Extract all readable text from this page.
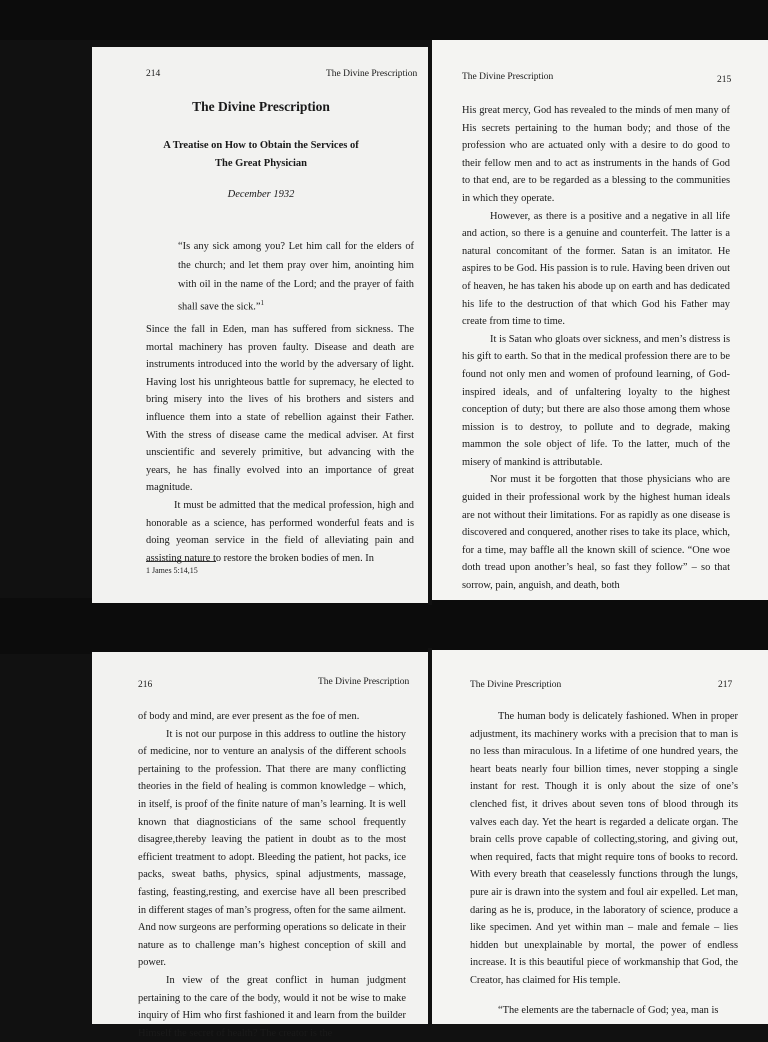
214	The Divine Prescription
The Divine Prescription
A Treatise on How to Obtain the Services of
The Great Physician
December 1932
“Is any sick among you? Let him call for the elders of the church; and let them pray over him, anointing him with oil in the name of the Lord; and the prayer of faith shall save the sick.”$^1$

Since the fall in Eden, man has suffered from sickness. The mortal machinery has proven faulty. Disease and death are instruments introduced into the world by the adversary of light. Having lost his unrighteous battle for supremacy, he elected to bring misery into the lives of his brothers and sisters and influence them into a state of rebellion against their Father. With the stress of disease came the medical adviser. At first unscientific and severely primitive, but advancing with the years, he has finally evolved into an importance of great magnitude.

It must be admitted that the medical profession, high and honorable as a science, has performed wonderful feats and is doing yeoman service in the field of alleviating pain and assisting nature to restore the broken bodies of men. In

1 James 5:14,15
The Divine Prescription	215

His great mercy, God has revealed to the minds of men many of His secrets pertaining to the human body; and those of the profession who are actuated only with a desire to do good to their fellow men and to act as instruments in the hands of God to that end, are to be regarded as a blessing to the communities in which they operate.

However, as there is a positive and a negative in all life and action, so there is a genuine and counterfeit. The latter is a natural concomitant of the former. Satan is an imitator. He aspires to be God. His passion is to rule. Having been driven out of heaven, he has taken his abode up on earth and has dedicated his life to the destruction of that which God his Father may create from time to time.

It is Satan who gloats over sickness, and men’s distress is his gift to earth. So that in the medical profession there are to be found not only men and women of profound learning, of God-inspired ideals, and of unfaltering loyalty to the highest conception of duty; but there are also those among them whose mission is to destroy, to pollute and to degrade, making mammon the sole object of life. To the latter, much of the misery of mankind is attributable.

Nor must it be forgotten that those physicians who are guided in their professional work by the highest human ideals are not without their limitations. For as rapidly as one disease is discovered and conquered, another rises to take its place, which, for a time, may baffle all the known skill of science. “One woe doth tread upon another’s heal, so fast they follow” – so that sorrow, pain, anguish, and death, both

216	The Divine Prescription

of body and mind, are ever present as the foe of men.

It is not our purpose in this address to outline the history of medicine, nor to venture an analysis of the different schools pertaining to the profession. That there are many conflicting theories in the field of healing is common knowledge – which, in itself, is proof of the finite nature of man’s learning. It is well known that diagnosticians of the same school frequently disagree,thereby leaving the patient in doubt as to the most efficient treatment to adopt. Bleeding the patient, hot packs, ice packs, sweat baths, physics, spinal adjustments, massage, fasting, feasting,resting, and exercise have all been prescribed in different stages of man’s progress, often for the same ailment. And now surgeons are performing operations so delicate in their nature as to challenge man’s highest conception of skill and power.

In view of the great conflict in human judgment pertaining to the care of the body, would it not be wise to make inquiry of Him who first fashioned it and learn from the builder Himself the secret of health? The creator is the

The Divine Prescription	217

The human body is delicately fashioned. When in proper adjustment, its machinery works with a precision that to man is no less than miraculous. In a lifetime of one hundred years, the heart beats nearly four billion times, never stopping a single instant for rest. Though it is only about the size of one’s clenched fist, it drives about seven tons of blood through its valves each day. Yet the heart is regarded a delicate organ. The brain cells prove capable of collecting,storing, and giving out, when required, facts that might require tons of books to record. With every breath that ceaselessly functions through the lungs, pure air is drawn into the system and foul air expelled. Let man, daring as he is, produce, in the laboratory of science, produce a like specimen. And yet within man – male and female – lies hidden but unexplainable by mortal, the power of endless increase. It is this beautiful piece of workmanship that God, the Creator, has claimed for His temple.

“The elements are the tabernacle of God; yea, man is
